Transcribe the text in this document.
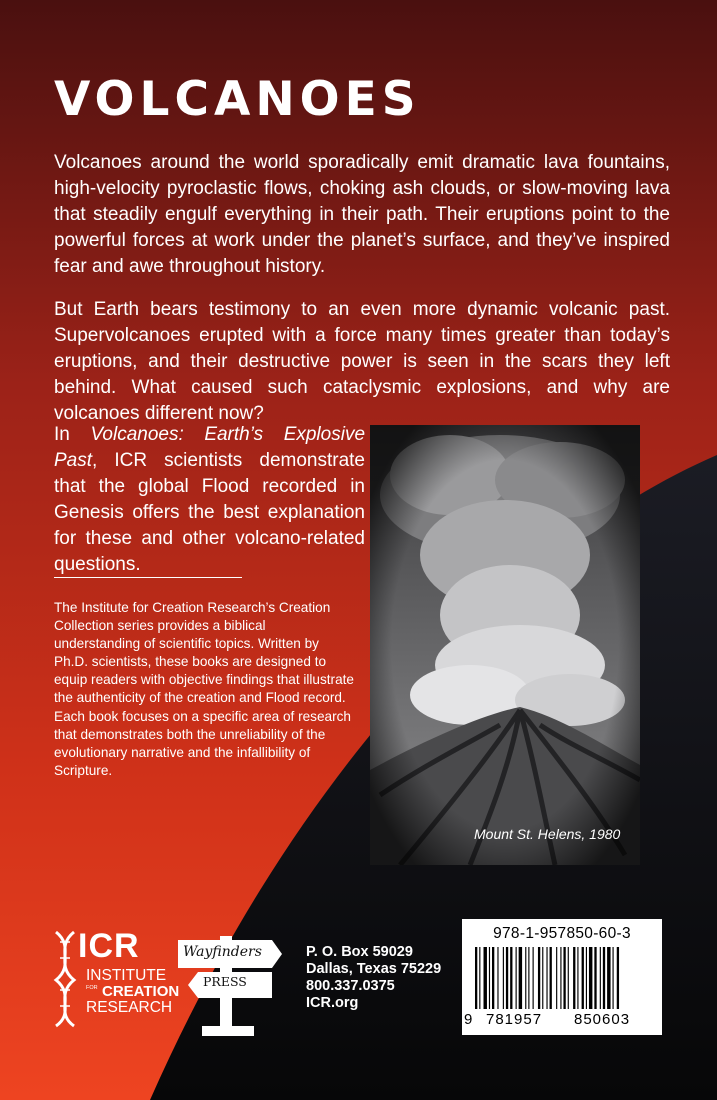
VOLCANOES

Volcanoes around the world sporadically emit dramatic lava fountains, high-velocity pyroclastic flows, choking ash clouds, or slow-moving lava that steadily engulf everything in their path. Their eruptions point to the powerful forces at work under the planet’s surface, and they’ve inspired fear and awe throughout history.

But Earth bears testimony to an even more dynamic volcanic past. Supervolcanoes erupted with a force many times greater than today’s eruptions, and their destructive power is seen in the scars they left behind. What caused such cataclysmic explosions, and why are volcanoes different now?

In Volcanoes: Earth’s Explosive Past, ICR scientists demonstrate that the global Flood recorded in Genesis offers the best explanation for these and other volcano-related questions.

The Institute for Creation Research’s Creation Collection series provides a biblical understanding of scientific topics. Written by Ph.D. scientists, these books are designed to equip readers with objective findings that illustrate the authenticity of the creation and Flood record. Each book focuses on a specific area of research that demonstrates both the unreliability of the evolutionary narrative and the infallibility of Scripture.

Mount St. Helens, 1980
ICR
INSTITUTE
FOR CREATION
RESEARCH
Wayfinders
PRESS
P. O. Box 59029
Dallas, Texas 75229
800.337.0375
ICR.org
978-1-957850-60-3
9 781957 850603
